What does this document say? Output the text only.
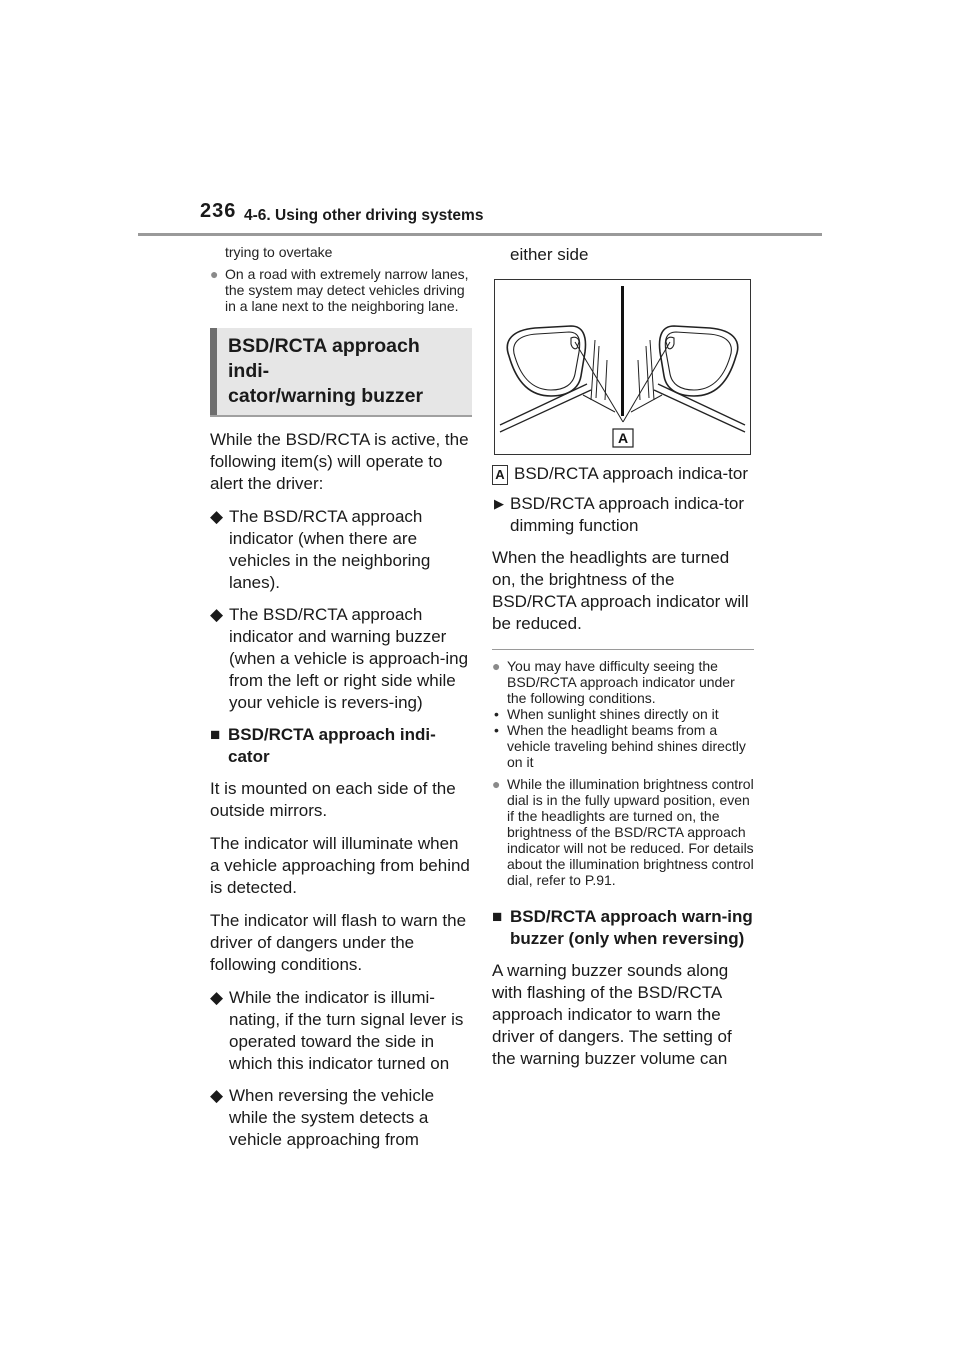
236 4-6. Using other driving systems
trying to overtake
● On a road with extremely narrow lanes, the system may detect vehicles driving in a lane next to the neighboring lane.
BSD/RCTA approach indi-
cator/warning buzzer
While the BSD/RCTA is active, the following item(s) will operate to alert the driver:
◆ The BSD/RCTA approach indicator (when there are vehicles in the neighboring lanes).
◆ The BSD/RCTA approach indicator and warning buzzer (when a vehicle is approach-ing from the left or right side while your vehicle is revers-ing)
■ BSD/RCTA approach indi-cator
It is mounted on each side of the outside mirrors.
The indicator will illuminate when a vehicle approaching from behind is detected.
The indicator will flash to warn the driver of dangers under the following conditions.
◆ While the indicator is illumi-nating, if the turn signal lever is operated toward the side in which this indicator turned on
◆ When reversing the vehicle while the system detects a vehicle approaching from
either side
A
A BSD/RCTA approach indica-tor
▶ BSD/RCTA approach indica-tor dimming function
When the headlights are turned on, the brightness of the BSD/RCTA approach indicator will be reduced.
● You may have difficulty seeing the BSD/RCTA approach indicator under the following conditions.
• When sunlight shines directly on it
• When the headlight beams from a vehicle traveling behind shines directly on it
● While the illumination brightness control dial is in the fully upward position, even if the headlights are turned on, the brightness of the BSD/RCTA approach indicator will not be reduced. For details about the illumination brightness control dial, refer to P.91.
■ BSD/RCTA approach warn-ing buzzer (only when reversing)
A warning buzzer sounds along with flashing of the BSD/RCTA approach indicator to warn the driver of dangers. The setting of the warning buzzer volume can
